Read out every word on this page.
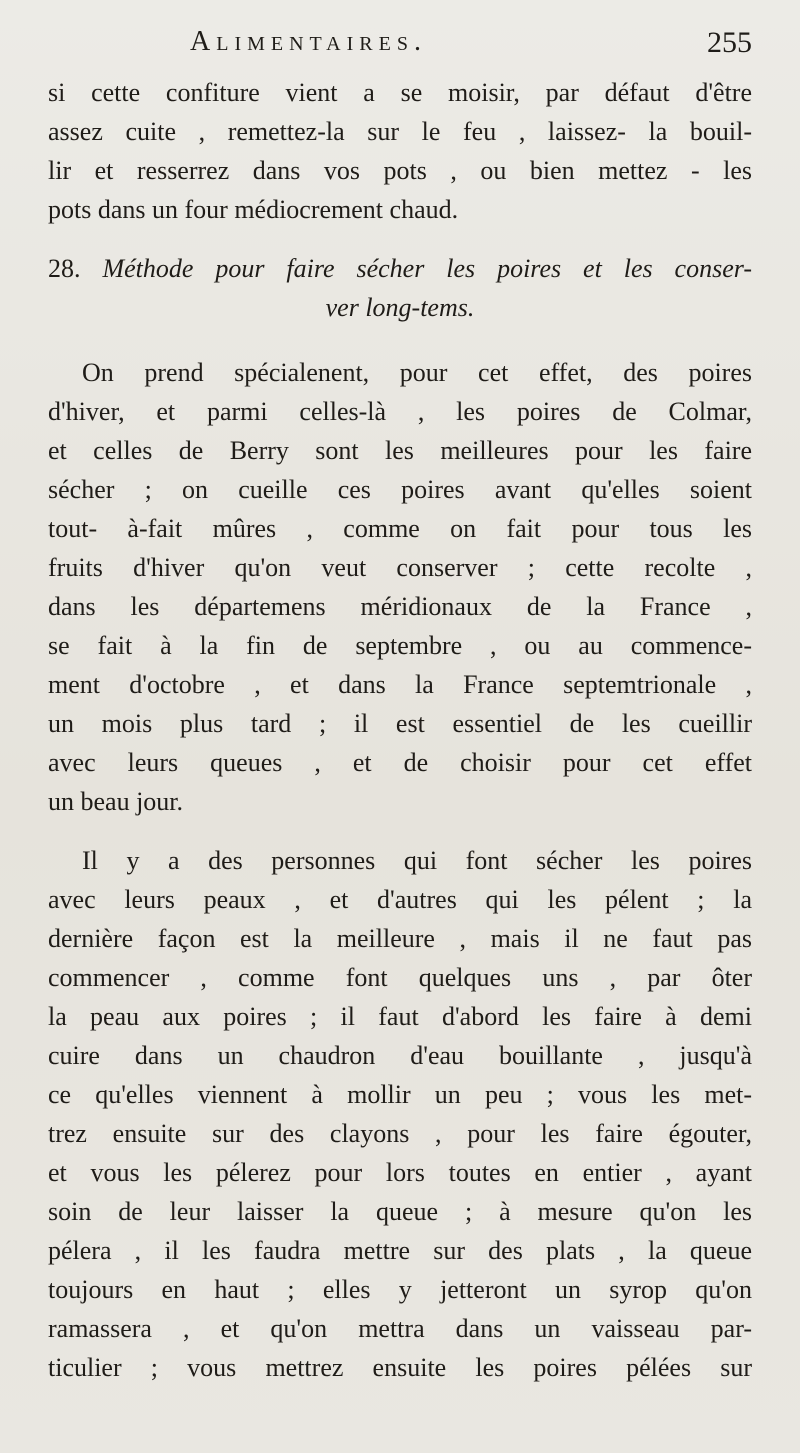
Alimentaires.	255
si cette confiture vient a se moisir, par défaut d'être
assez cuite , remettez-la sur le feu , laissez- la bouil-
lir et resserrez dans vos pots , ou bien mettez - les
pots dans un four médiocrement chaud.
28. Méthode pour faire sécher les poires et les conser-
ver long-tems.
On prend spécialenent, pour cet effet, des poires
d'hiver, et parmi celles-là , les poires de Colmar,
et celles de Berry sont les meilleures pour les faire
sécher ; on cueille ces poires avant qu'elles soient
tout- à-fait mûres , comme on fait pour tous les
fruits d'hiver qu'on veut conserver ; cette recolte ,
dans les départemens méridionaux de la France ,
se fait à la fin de septembre , ou au commence-
ment d'octobre , et dans la France septemtrionale ,
un mois plus tard ; il est essentiel de les cueillir
avec leurs queues , et de choisir pour cet effet
un beau jour.
Il y a des personnes qui font sécher les poires
avec leurs peaux , et d'autres qui les pélent ; la
dernière façon est la meilleure , mais il ne faut pas
commencer , comme font quelques uns , par ôter
la peau aux poires ; il faut d'abord les faire à demi
cuire dans un chaudron d'eau bouillante , jusqu'à
ce qu'elles viennent à mollir un peu ; vous les met-
trez ensuite sur des clayons , pour les faire égouter,
et vous les pélerez pour lors toutes en entier , ayant
soin de leur laisser la queue ; à mesure qu'on les
pélera , il les faudra mettre sur des plats , la queue
toujours en haut ; elles y jetteront un syrop qu'on
ramassera , et qu'on mettra dans un vaisseau par-
ticulier ; vous mettrez ensuite les poires pélées sur
